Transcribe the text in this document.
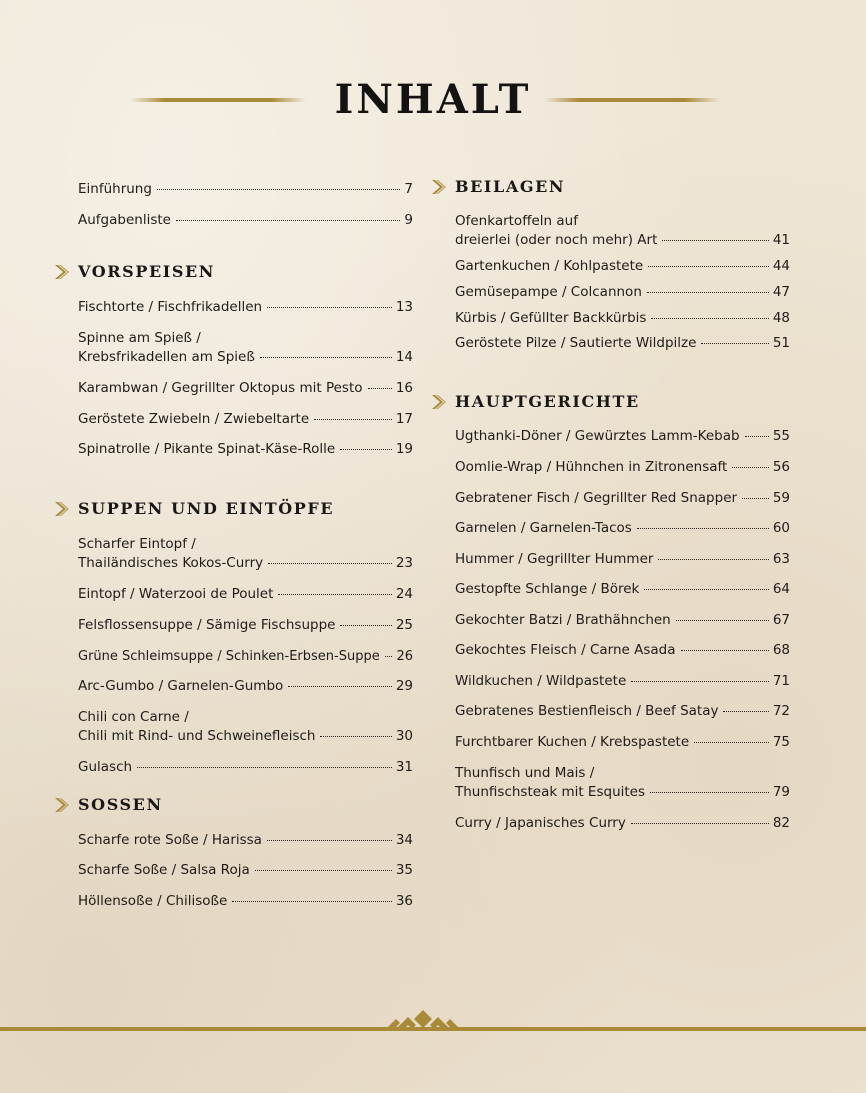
INHALT
Einführung	7
Aufgabenliste	9
VORSPEISEN
Fischtorte / Fischfrikadellen	13
Spinne am Spieß /
Krebsfrikadellen am Spieß	14
Karambwan / Gegrillter Oktopus mit Pesto 16
Geröstete Zwiebeln / Zwiebeltarte	17
Spinatrolle / Pikante Spinat-Käse-Rolle	19
SUPPEN UND EINTÖPFE
Scharfer Eintopf /
Thailändisches Kokos-Curry	23
Eintopf / Waterzooi de Poulet	24
Felsflossensuppe / Sämige Fischsuppe	25
Grüne Schleimsuppe / Schinken-Erbsen-Suppe 26
Arc-Gumbo / Garnelen-Gumbo	29
Chili con Carne /
Chili mit Rind- und Schweinefleisch	30
Gulasch	31
SOSSEN
Scharfe rote Soße / Harissa	34
Scharfe Soße / Salsa Roja	35
Höllensoße / Chilisoße	36
BEILAGEN
Ofenkartoffeln auf
dreierlei (oder noch mehr) Art	41
Gartenkuchen / Kohlpastete	44
Gemüsepampe / Colcannon	47
Kürbis / Gefüllter Backkürbis	48
Geröstete Pilze / Sautierte Wildpilze	51
HAUPTGERICHTE
Ugthanki-Döner / Gewürztes Lamm-Kebab 55
Oomlie-Wrap / Hühnchen in Zitronensaft	56
Gebratener Fisch / Gegrillter Red Snapper	59
Garnelen / Garnelen-Tacos	60
Hummer / Gegrillter Hummer	63
Gestopfte Schlange / Börek	64
Gekochter Batzi / Brathähnchen	67
Gekochtes Fleisch / Carne Asada	68
Wildkuchen / Wildpastete	71
Gebratenes Bestienfleisch / Beef Satay	72
Furchtbarer Kuchen / Krebspastete	75
Thunfisch und Mais /
Thunfischsteak mit Esquites	79
Curry / Japanisches Curry	82
